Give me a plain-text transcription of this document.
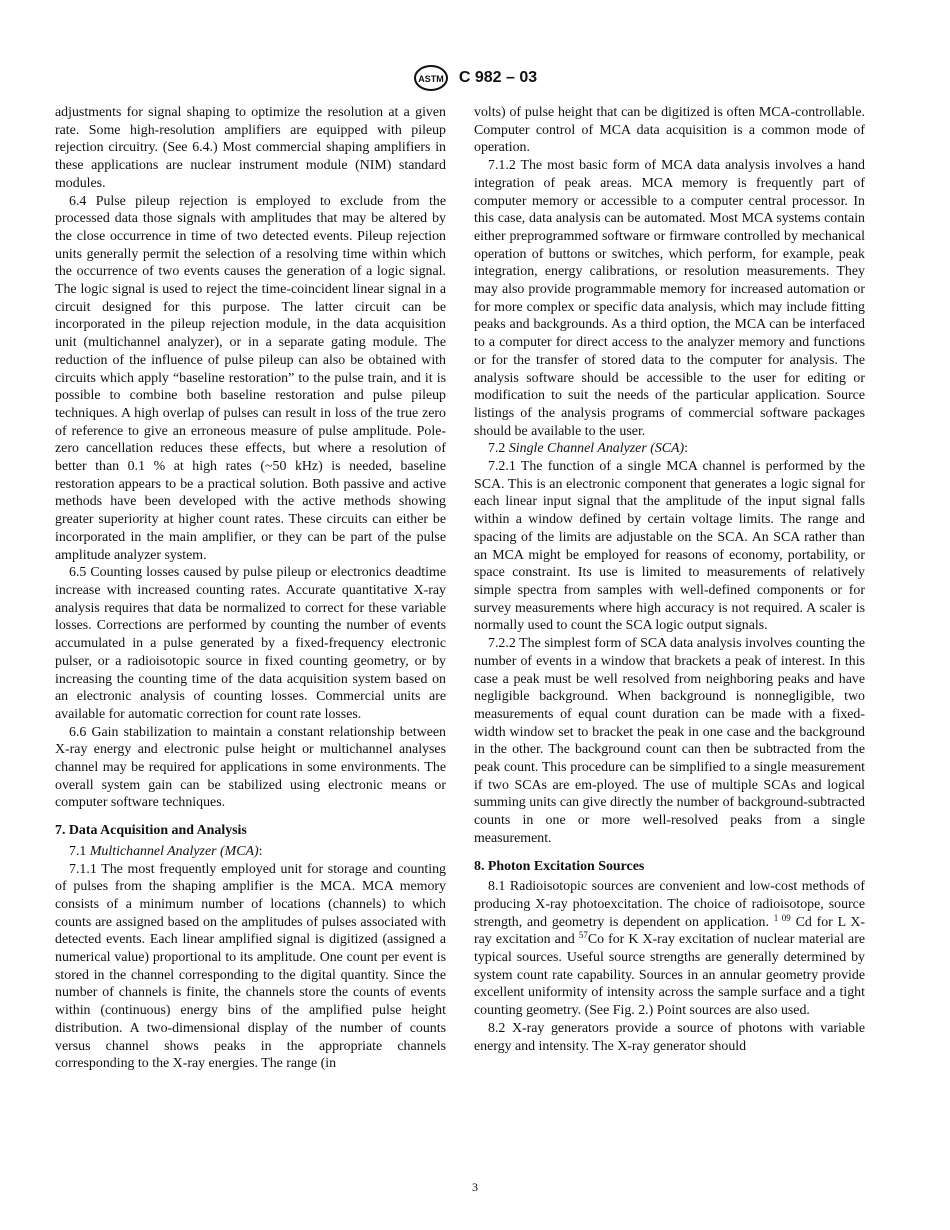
ASTM C 982 – 03

adjustments for signal shaping to optimize the resolution at a given rate. Some high-resolution amplifiers are equipped with pileup rejection circuitry. (See 6.4.) Most commercial shaping amplifiers in these applications are nuclear instrument module (NIM) standard modules.

6.4 Pulse pileup rejection is employed to exclude from the processed data those signals with amplitudes that may be altered by the close occurrence in time of two detected events. Pileup rejection units generally permit the selection of a resolving time within which the occurrence of two events causes the generation of a logic signal. The logic signal is used to reject the time-coincident linear signal in a circuit designed for this purpose. The latter circuit can be incorporated in the pileup rejection module, in the data acquisition unit (multichannel analyzer), or in a separate gating module. The reduction of the influence of pulse pileup can also be obtained with circuits which apply “baseline restoration” to the pulse train, and it is possible to combine both baseline restoration and pulse pileup techniques. A high overlap of pulses can result in loss of the true zero of reference to give an erroneous measure of pulse amplitude. Pole-zero cancellation reduces these effects, but where a resolution of better than 0.1 % at high rates (~50 kHz) is needed, baseline restoration appears to be a practical solution. Both passive and active methods have been developed with the active methods showing greater superiority at higher count rates. These circuits can either be incorporated in the main amplifier, or they can be part of the pulse amplitude analyzer system.

6.5 Counting losses caused by pulse pileup or electronics deadtime increase with increased counting rates. Accurate quantitative X-ray analysis requires that data be normalized to correct for these variable losses. Corrections are performed by counting the number of events accumulated in a pulse generated by a fixed-frequency electronic pulser, or a radioisotopic source in fixed counting geometry, or by increasing the counting time of the data acquisition system based on an electronic analysis of counting losses. Commercial units are available for automatic correction for count rate losses.

6.6 Gain stabilization to maintain a constant relationship between X-ray energy and electronic pulse height or multichannel analyses channel may be required for applications in some environments. The overall system gain can be stabilized using electronic means or computer software techniques.

7. Data Acquisition and Analysis

7.1 Multichannel Analyzer (MCA):

7.1.1 The most frequently employed unit for storage and counting of pulses from the shaping amplifier is the MCA. MCA memory consists of a minimum number of locations (channels) to which counts are assigned based on the amplitudes of pulses associated with detected events. Each linear amplified signal is digitized (assigned a numerical value) proportional to its amplitude. One count per event is stored in the channel corresponding to the digital quantity. Since the number of channels is finite, the channels store the counts of events within (continuous) energy bins of the amplified pulse height distribution. A two-dimensional display of the number of counts versus channel shows peaks in the appropriate channels corresponding to the X-ray energies. The range (in

volts) of pulse height that can be digitized is often MCA-controllable. Computer control of MCA data acquisition is a common mode of operation.

7.1.2 The most basic form of MCA data analysis involves a hand integration of peak areas. MCA memory is frequently part of computer memory or accessible to a computer central processor. In this case, data analysis can be automated. Most MCA systems contain either preprogrammed software or firmware controlled by mechanical operation of buttons or switches, which perform, for example, peak integration, energy calibrations, or resolution measurements. They may also provide programmable memory for increased automation or for more complex or specific data analysis, which may include fitting peaks and backgrounds. As a third option, the MCA can be interfaced to a computer for direct access to the analyzer memory and functions or for the transfer of stored data to the computer for analysis. The analysis software should be accessible to the user for editing or modification to suit the needs of the particular application. Source listings of the analysis programs of commercial software packages should be available to the user.

7.2 Single Channel Analyzer (SCA):

7.2.1 The function of a single MCA channel is performed by the SCA. This is an electronic component that generates a logic signal for each linear input signal that the amplitude of the input signal falls within a window defined by certain voltage limits. The range and spacing of the limits are adjustable on the SCA. An SCA rather than an MCA might be employed for reasons of economy, portability, or space constraint. Its use is limited to measurements of relatively simple spectra from samples with well-defined components or for survey measurements where high accuracy is not required. A scaler is normally used to count the SCA logic output signals.

7.2.2 The simplest form of SCA data analysis involves counting the number of events in a window that brackets a peak of interest. In this case a peak must be well resolved from neighboring peaks and have negligible background. When background is nonnegligible, two measurements of equal count duration can be made with a fixed-width window set to bracket the peak in one case and the background in the other. The background count can then be subtracted from the peak count. This procedure can be simplified to a single measurement if two SCAs are em-ployed. The use of multiple SCAs and logical summing units can give directly the number of background-subtracted counts in one or more well-resolved peaks from a single measurement.

8. Photon Excitation Sources

8.1 Radioisotopic sources are convenient and low-cost methods of producing X-ray photoexcitation. The choice of radioisotope, source strength, and geometry is dependent on application. $^{1 09}$ Cd for L X-ray excitation and $^{57}$Co for K X-ray excitation of nuclear material are typical sources. Useful source strengths are generally determined by system count rate capability. Sources in an annular geometry provide excellent uniformity of intensity across the sample surface and a tight counting geometry. (See Fig. 2.) Point sources are also used.

8.2 X-ray generators provide a source of photons with variable energy and intensity. The X-ray generator should

3
